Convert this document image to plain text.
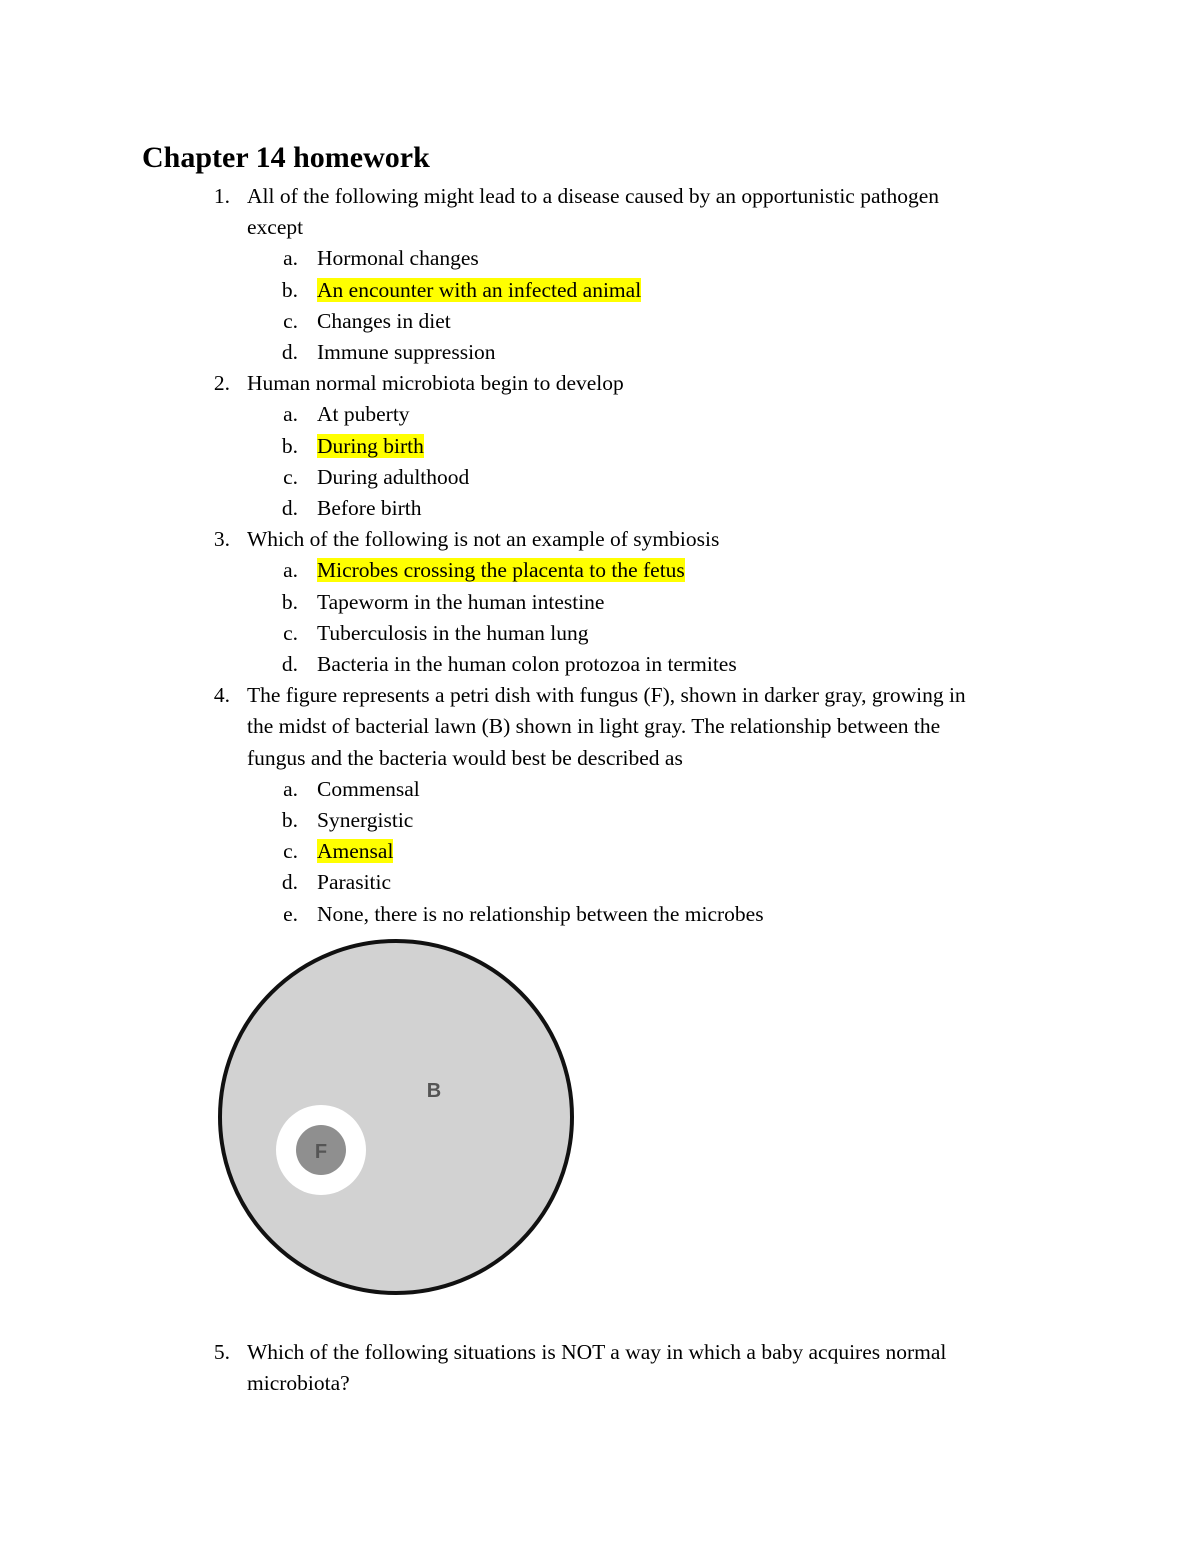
Chapter 14 homework
1. All of the following might lead to a disease caused by an opportunistic pathogen
except
a. Hormonal changes
b. An encounter with an infected animal
c. Changes in diet
d. Immune suppression
2. Human normal microbiota begin to develop
a. At puberty
b. During birth
c. During adulthood
d. Before birth
3. Which of the following is not an example of symbiosis
a. Microbes crossing the placenta to the fetus
b. Tapeworm in the human intestine
c. Tuberculosis in the human lung
d. Bacteria in the human colon protozoa in termites
4. The figure represents a petri dish with fungus (F), shown in darker gray, growing in
the midst of bacterial lawn (B) shown in light gray. The relationship between the
fungus and the bacteria would best be described as
a. Commensal
b. Synergistic
c. Amensal
d. Parasitic
e. None, there is no relationship between the microbes
5. Which of the following situations is NOT a way in which a baby acquires normal
microbiota?
B
F
